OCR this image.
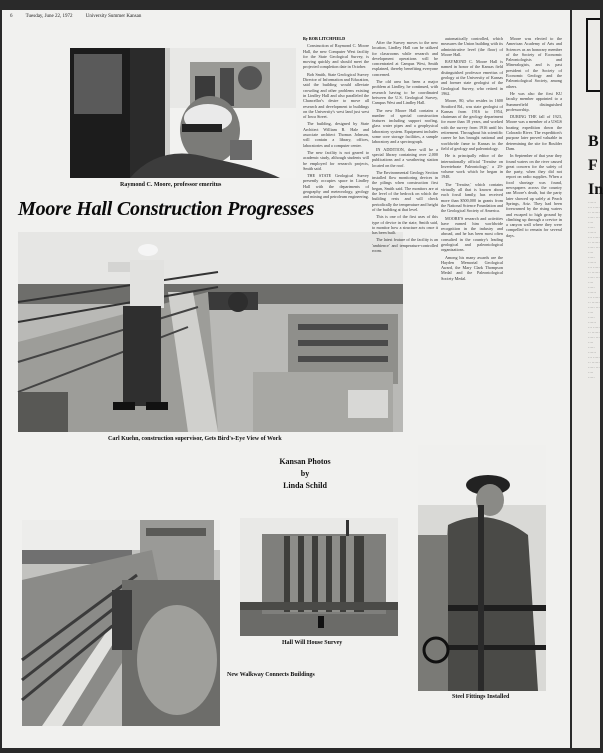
B
F
In
······ ··· ····· ·· ······ ····· ··· ···· ····· ······ ··· ····· ·· ······ ····· ··· ···· ····· ······ ··· ····· ·· ······ ····· ··· ···· ····· ······ ··· ····· ·· ······ ····· ··· ···· ····· ······ ··· ····· ·· ······ ····· ··· ···· ····· ······ ··· ····· ·· ······ ····· ··· ···· ·····
6	Tuesday, June 22, 1972	University Summer Kansan
Raymond C. Moore, professor emeritus
Moore Hall Construction Progresses
Carl Kuehn, construction supervisor, Gets Bird's-Eye View of Work

By BOB LITCHFIELD

Construction of Raymond C. Moore Hall, the new Computer West facility for the State Geological Survey, is moving quickly and should meet the projected completion date in October.

Bob Smith, State Geological Survey Director of Information and Education, said the building would alleviate crowding and other problems existing in Lindley Hall and also paralleled the Chancellor's desire to move all research and development to buildings on the University's west land just west of Iowa Street.

The building, designed by State Architect William R. Hale and associate architect Thomas Johnson, will contain a library, offices, laboratories and a computer center.

The new facility is not geared to academic study, although students will be employed for research projects, Smith said.

THE STATE Geological Survey presently occupies space in Lindley Hall with the departments of geography and meteorology, geology and mining and petroleum engineering.

After the Survey moves to the new location, Lindley Hall can be utilized for classrooms while research and development operations will be concentrated at Campus West, Smith explained, thereby benefiting everyone concerned.

The old area has been a major problem at Lindley, he continued, with research having to be coordinated between the U.S. Geological Survey, Campus West and Lindley Hall.

The new Moore Hall contains a number of special construction features including support roofing, glass water pipes and a geophysical laboratory system. Equipment includes some core storage facilities, a sample laboratory and a spectrograph.

IN ADDITION, there will be a special library containing over 2,000 publications and a weathering station located on the roof.

The Environmental Geology Section installed flow monitoring devices in the pilings when construction first began, Smith said. The monitors are at the level of the bedrock on which the building rests and will check periodically the temperature and height of the building at that level.

This is one of the first uses of this type of device in the state, Smith said, to monitor how a structure acts once it has been built.

The latest feature of the facility is an 'ambience' and temperature-controlled room.

automatically controlled, which measures the Union building with its administrative level (the floor) of Moore Hall.

RAYMOND C. Moore Hall is named in honor of the Kansas field distinguished professor emeritus of geology at the University of Kansas and former state geologist of the Geological Survey, who retired in 1962.

Moore, 80, who resides in 1600 Stratford Rd., was state geologist of Kansas from 1916 to 1954, chairman of the geology department for more than 18 years, and worked with the survey from 1916 until his retirement. Throughout his scientific career he has brought national and worldwide fame to Kansas in the field of geology and paleontology.

He is principally editor of the internationally official 'Treatise on Invertebrate Paleontology,' a 29-volume work which he began in 1948.

The 'Treatise,' which contains virtually all that is known about each fossil family, has received more than $500,000 in grants from the National Science Foundation and the Geological Society of America.

MOORE'S research and activities have earned him worldwide recognition in the industry and abroad, and he has been most often consulted in the country's leading geological and paleontological organizations.

Among his many awards are the Hayden Memorial Geological Award, the Mary Clark Thompson Medal and the Paleontological Society Medal.

Moore was elected to the American Academy of Arts and Sciences as an honorary member of the Society of Economic Paleontologists and Mineralogists, and is past president of the Society of Economic Geology and the Paleontological Society, among others.

He was also the first KU faculty member appointed to a Summerfield distinguished professorship.

DURING THE fall of 1923, Moore was a member of a USGS boating expedition down the Colorado River. The expedition's purpose later proved valuable in determining the site for Boulder Dam.

In September of that year they found waters on the river caused great concern for the safety of the party, when they did not report on radio supplies. When a food shortage was found, newspapers across the country ran Moore's death, but the party later showed up safely at Peach Springs, Ariz. They had been forewarned by the rising waters and escaped to high ground by climbing up through a crevice in a canyon wall where they were compelled to remain for several days.

Kansan Photos
by
Linda Schild
New Walkway Connects Buildings
Hall Will House Survey
Steel Fittings Installed
